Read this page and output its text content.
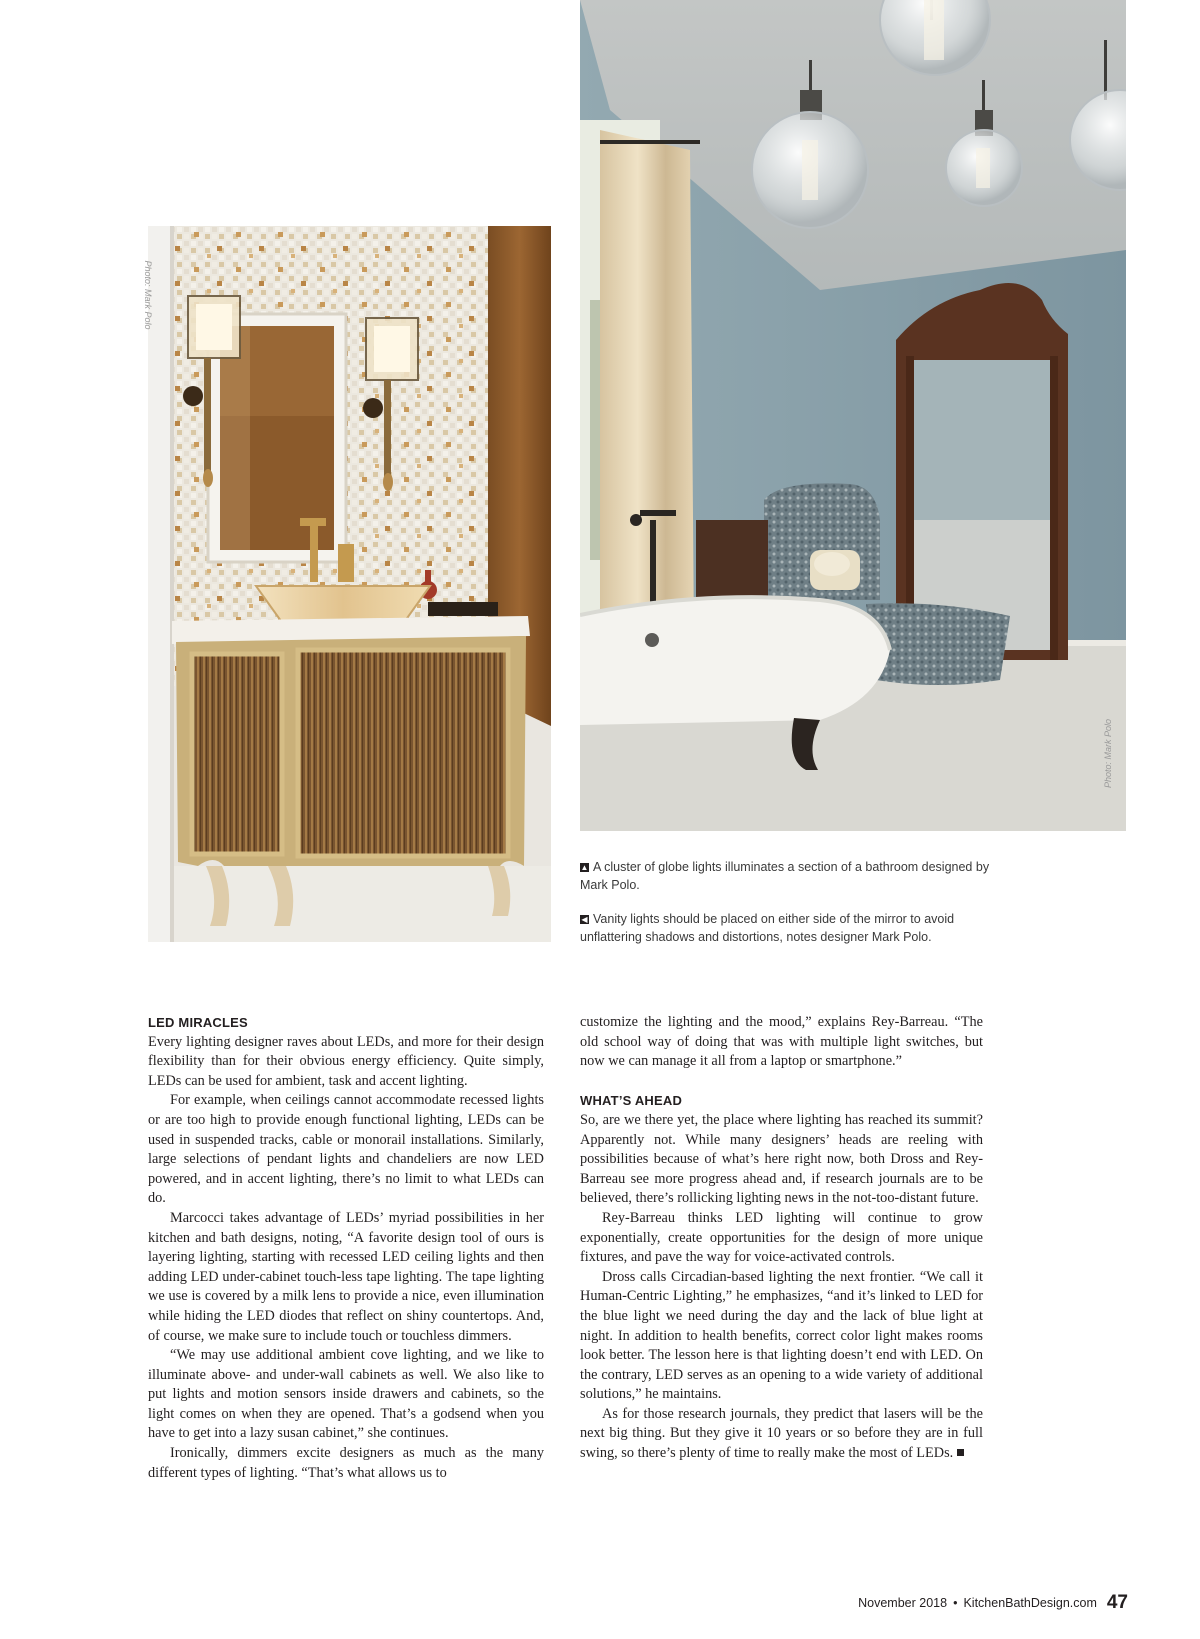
Photo: Mark Polo
Photo: Mark Polo
▲ A cluster of globe lights illuminates a section of a bathroom designed by Mark Polo.
◀ Vanity lights should be placed on either side of the mirror to avoid unflattering shadows and distortions, notes designer Mark Polo.
LED MIRACLES

Every lighting designer raves about LEDs, and more for their design flexibility than for their obvious energy efficiency. Quite simply, LEDs can be used for ambient, task and accent lighting.

For example, when ceilings cannot accommodate recessed lights or are too high to provide enough functional lighting, LEDs can be used in suspended tracks, cable or monorail installations. Similarly, large selections of pendant lights and chandeliers are now LED powered, and in accent lighting, there’s no limit to what LEDs can do.

Marcocci takes advantage of LEDs’ myriad possibilities in her kitchen and bath designs, noting, “A favorite design tool of ours is layering lighting, starting with recessed LED ceiling lights and then adding LED under-cabinet touch-less tape lighting. The tape lighting we use is covered by a milk lens to provide a nice, even illumination while hiding the LED diodes that reflect on shiny countertops. And, of course, we make sure to include touch or touchless dimmers.

“We may use additional ambient cove lighting, and we like to illuminate above- and under-wall cabinets as well. We also like to put lights and motion sensors inside drawers and cabinets, so the light comes on when they are opened. That’s a godsend when you have to get into a lazy susan cabinet,” she continues.

Ironically, dimmers excite designers as much as the many different types of lighting. “That’s what allows us to

customize the lighting and the mood,” explains Rey-Barreau. “The old school way of doing that was with multiple light switches, but now we can manage it all from a laptop or smartphone.”

WHAT’S AHEAD

So, are we there yet, the place where lighting has reached its summit? Apparently not. While many designers’ heads are reeling with possibilities because of what’s here right now, both Dross and Rey-Barreau see more progress ahead and, if research journals are to be believed, there’s rollicking lighting news in the not-too-distant future.

Rey-Barreau thinks LED lighting will continue to grow exponentially, create opportunities for the design of more unique fixtures, and pave the way for voice-activated controls.

Dross calls Circadian-based lighting the next frontier. “We call it Human-Centric Lighting,” he emphasizes, “and it’s linked to LED for the blue light we need during the day and the lack of blue light at night. In addition to health benefits, correct color light makes rooms look better. The lesson here is that lighting doesn’t end with LED. On the contrary, LED serves as an opening to a wide variety of additional solutions,” he maintains.

As for those research journals, they predict that lasers will be the next big thing. But they give it 10 years or so before they are in full swing, so there’s plenty of time to really make the most of LEDs.

November 2018 • KitchenBathDesign.com 47
